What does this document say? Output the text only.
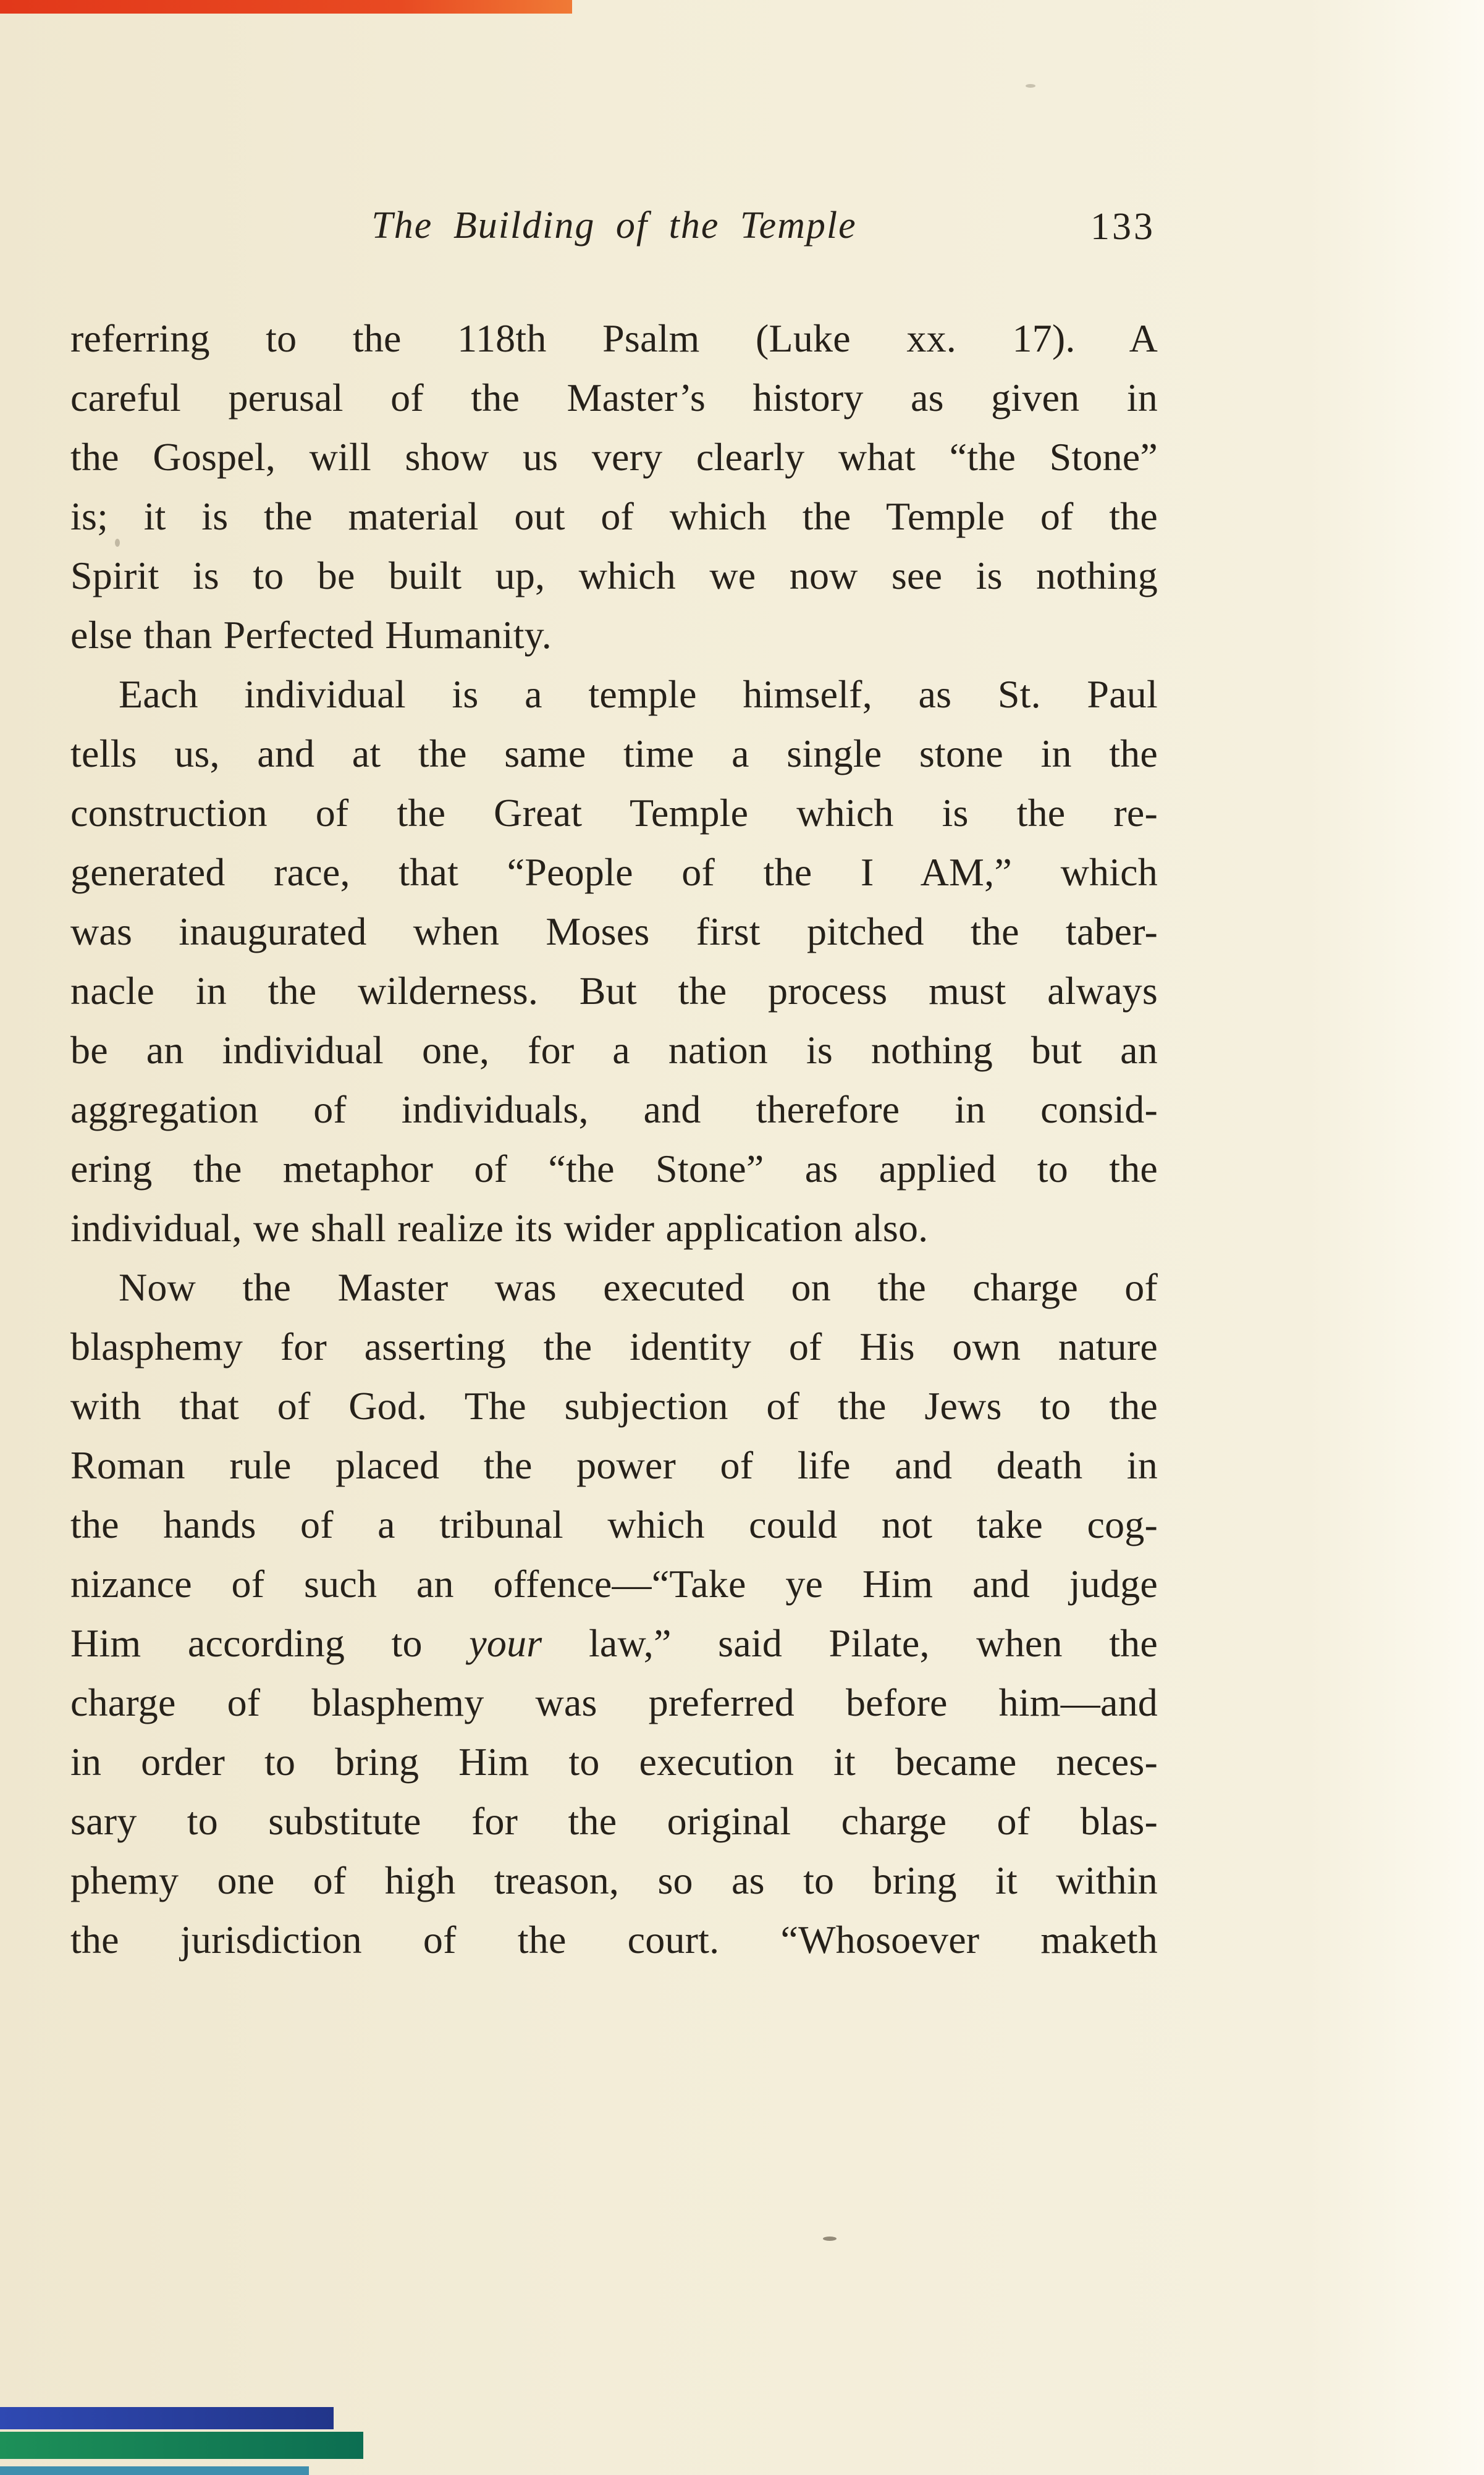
The Building of the Temple	133
referring to the 118th Psalm (Luke xx. 17). A
careful perusal of the Master’s history as given in
the Gospel, will show us very clearly what “the Stone”
is; it is the material out of which the Temple of the
Spirit is to be built up, which we now see is nothing
else than Perfected Humanity.
Each individual is a temple himself, as St. Paul
tells us, and at the same time a single stone in the
construction of the Great Temple which is the re-
generated race, that “People of the I AM,” which
was inaugurated when Moses first pitched the taber-
nacle in the wilderness. But the process must always
be an individual one, for a nation is nothing but an
aggregation of individuals, and therefore in consid-
ering the metaphor of “the Stone” as applied to the
individual, we shall realize its wider application also.
Now the Master was executed on the charge of
blasphemy for asserting the identity of His own nature
with that of God. The subjection of the Jews to the
Roman rule placed the power of life and death in
the hands of a tribunal which could not take cog-
nizance of such an offence—“Take ye Him and judge
Him according to your law,” said Pilate, when the
charge of blasphemy was preferred before him—and
in order to bring Him to execution it became neces-
sary to substitute for the original charge of blas-
phemy one of high treason, so as to bring it within
the jurisdiction of the court. “Whosoever maketh
